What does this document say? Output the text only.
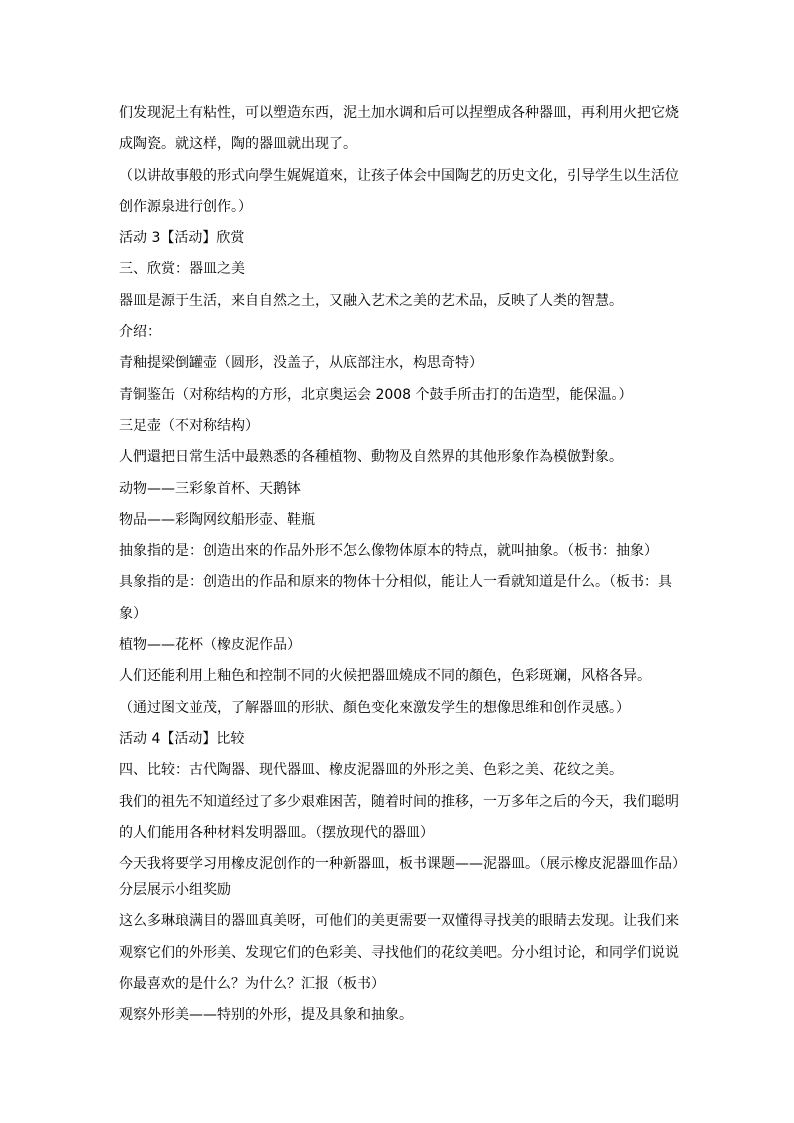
们发现泥土有粘性，可以塑造东西，泥土加水调和后可以捏塑成各种器皿，再利用火把它烧
成陶瓷。就这样，陶的器皿就出现了。
（以讲故事般的形式向學生娓娓道來，让孩子体会中国陶艺的历史文化，引导学生以生活位
创作源泉进行创作。）
活动 3【活动】欣赏
三、欣赏：器皿之美
器皿是源于生活，来自自然之土，又融入艺术之美的艺术品，反映了人类的智慧。
介绍：
青釉提梁倒罐壶（圆形，没盖子，从底部注水，构思奇特）
青铜鉴缶（对称结构的方形，北京奥运会 2008 个鼓手所击打的缶造型，能保温。）
三足壶（不对称结构）
人們還把日常生活中最熟悉的各種植物、動物及自然界的其他形象作為模倣對象。
动物——三彩象首杯、天鹅钵
物品——彩陶网纹船形壶、鞋瓶
抽象指的是：创造出來的作品外形不怎么像物体原本的特点，就叫抽象。（板书：抽象）
具象指的是：创造出的作品和原来的物体十分相似，能让人一看就知道是什么。（板书：具
象）
植物——花杯（橡皮泥作品）
人们还能利用上釉色和控制不同的火候把器皿燒成不同的顏色，色彩斑斓，风格各异。
（通过图文並茂，了解器皿的形狀、顏色变化來激发学生的想像思维和创作灵感。）
活动 4【活动】比较
四、比较：古代陶器、现代器皿、橡皮泥器皿的外形之美、色彩之美、花纹之美。
我们的祖先不知道经过了多少艰难困苦，随着时间的推移，一万多年之后的今天，我们聪明
的人们能用各种材料发明器皿。（摆放现代的器皿）
今天我将要学习用橡皮泥创作的一种新器皿，板书课题——泥器皿。（展示橡皮泥器皿作品）
分层展示小组奖励
这么多琳琅满目的器皿真美呀，可他们的美更需要一双懂得寻找美的眼睛去发现。让我们来
观察它们的外形美、发现它们的色彩美、寻找他们的花纹美吧。分小组讨论，和同学们说说
你最喜欢的是什么？为什么？汇报（板书）
观察外形美——特别的外形，提及具象和抽象。
